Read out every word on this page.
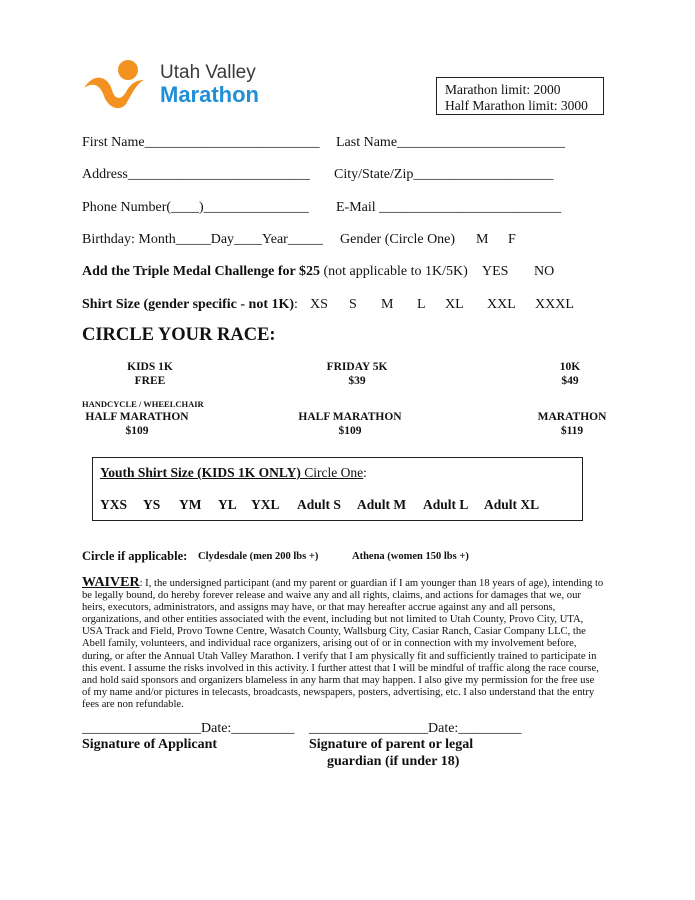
Utah Valley
Marathon	Marathon limit: 2000
Half Marathon limit: 3000
First Name_________________________ Last Name________________________
Address__________________________ City/State/Zip____________________
Phone Number(____)_______________ E-Mail __________________________
Birthday: Month_____Day____Year_____ Gender (Circle One) M F
Add the Triple Medal Challenge for $25 (not applicable to 1K/5K) YES NO
Shirt Size (gender specific - not 1K): XS S M L XL XXL XXXL
CIRCLE YOUR RACE:
KIDS 1K
FREE
FRIDAY 5K
$39
10K
$49
HANDCYCLE / WHEELCHAIR
HALF MARATHON
$109
HALF MARATHON
$109
MARATHON
$119
Youth Shirt Size (KIDS 1K ONLY) Circle One:
YXS YS YM YL YXL Adult S Adult M Adult L Adult XL
Circle if applicable: Clydesdale (men 200 lbs +)	Athena (women 150 lbs +)
WAIVER: I, the undersigned participant (and my parent or guardian if I am younger than 18 years of age), intending to be legally bound, do hereby forever release and waive any and all rights, claims, and actions for damages that we, our heirs, executors, administrators, and assigns may have, or that may hereafter accrue against any and all persons, organizations, and other entities associated with the event, including but not limited to Utah County, Provo City, UTA, USA Track and Field, Provo Towne Centre, Wasatch County, Wallsburg City, Casiar Ranch, Casiar Company LLC, the Abell family, volunteers, and individual race organizers, arising out of or in connection with my involvement before, during, or after the Annual Utah Valley Marathon. I verify that I am physically fit and sufficiently trained to participate in this event. I assume the risks involved in this activity. I further attest that I will be mindful of traffic along the race course, and hold said sponsors and organizers blameless in any harm that may happen. I also give my permission for the free use of my name and/or pictures in telecasts, broadcasts, newspapers, posters, advertising, etc. I also understand that the entry fees are non refundable.
_________________Date:_________
Signature of Applicant
_________________Date:_________
Signature of parent or legal
guardian (if under 18)
